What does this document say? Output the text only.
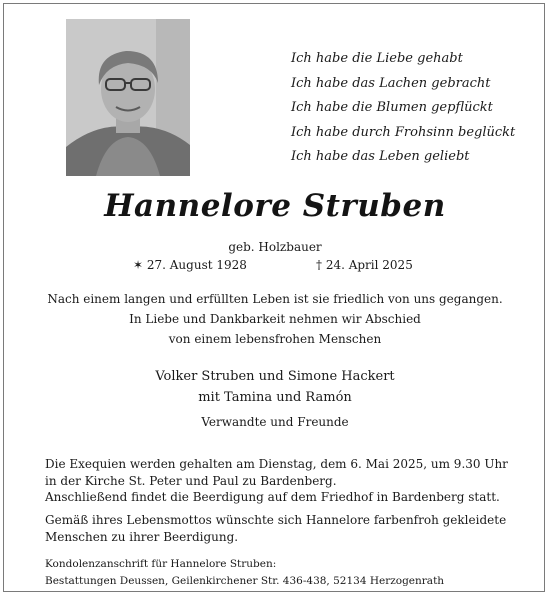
Ich habe die Liebe gehabt
Ich habe das Lachen gebracht
Ich habe die Blumen gepflückt
Ich habe durch Frohsinn beglückt
Ich habe das Leben geliebt
Hannelore Struben
geb. Holzbauer
✶ 27. August 1928	† 24. April 2025
Nach einem langen und erfüllten Leben ist sie friedlich von uns gegangen.
In Liebe und Dankbarkeit nehmen wir Abschied
von einem lebensfrohen Menschen
Volker Struben und Simone Hackert
mit Tamina und Ramón
Verwandte und Freunde
Die Exequien werden gehalten am Dienstag, dem 6. Mai 2025, um 9.30 Uhr
in der Kirche St. Peter und Paul zu Bardenberg.
Anschließend findet die Beerdigung auf dem Friedhof in Bardenberg statt.
Gemäß ihres Lebensmottos wünschte sich Hannelore farbenfroh gekleidete
Menschen zu ihrer Beerdigung.
Kondolenzanschrift für Hannelore Struben:
Bestattungen Deussen, Geilenkirchener Str. 436-438, 52134 Herzogenrath
